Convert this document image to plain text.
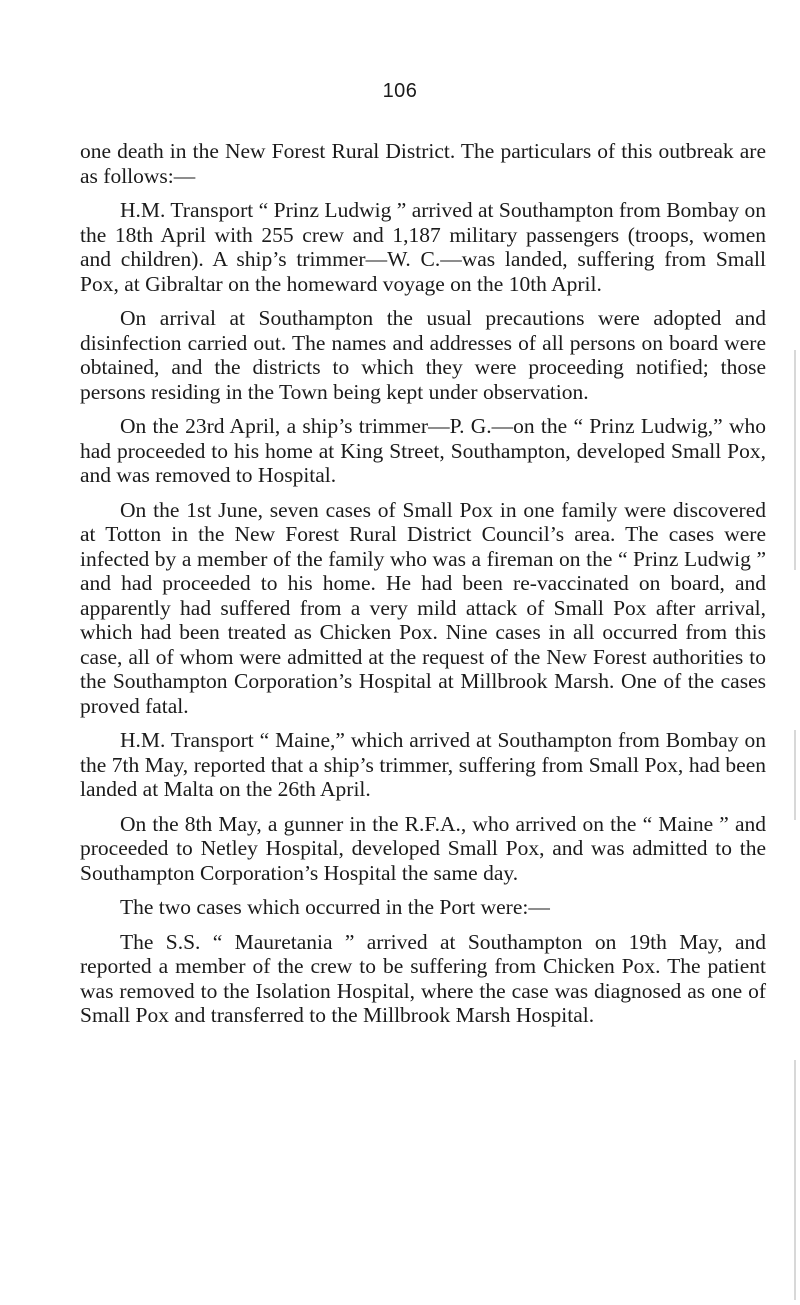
106

one death in the New Forest Rural District. The particulars of this outbreak are as follows:—

H.M. Transport “ Prinz Ludwig ” arrived at Southampton from Bombay on the 18th April with 255 crew and 1,187 military passengers (troops, women and children). A ship’s trimmer—W. C.—was landed, suffering from Small Pox, at Gibraltar on the homeward voyage on the 10th April.

On arrival at Southampton the usual precautions were adopted and disinfection carried out. The names and addresses of all persons on board were obtained, and the districts to which they were proceeding notified; those persons residing in the Town being kept under observation.

On the 23rd April, a ship’s trimmer—P. G.—on the “ Prinz Ludwig,” who had proceeded to his home at King Street, Southampton, developed Small Pox, and was removed to Hospital.

On the 1st June, seven cases of Small Pox in one family were discovered at Totton in the New Forest Rural District Council’s area. The cases were infected by a member of the family who was a fireman on the “ Prinz Ludwig ” and had proceeded to his home. He had been re-vaccinated on board, and apparently had suffered from a very mild attack of Small Pox after arrival, which had been treated as Chicken Pox. Nine cases in all occurred from this case, all of whom were admitted at the request of the New Forest authorities to the Southampton Corporation’s Hospital at Millbrook Marsh. One of the cases proved fatal.

H.M. Transport “ Maine,” which arrived at Southampton from Bombay on the 7th May, reported that a ship’s trimmer, suffering from Small Pox, had been landed at Malta on the 26th April.

On the 8th May, a gunner in the R.F.A., who arrived on the “ Maine ” and proceeded to Netley Hospital, developed Small Pox, and was admitted to the Southampton Corporation’s Hospital the same day.

The two cases which occurred in the Port were:—

The S.S. “ Mauretania ” arrived at Southampton on 19th May, and reported a member of the crew to be suffering from Chicken Pox. The patient was removed to the Isolation Hospital, where the case was diagnosed as one of Small Pox and transferred to the Millbrook Marsh Hospital.
